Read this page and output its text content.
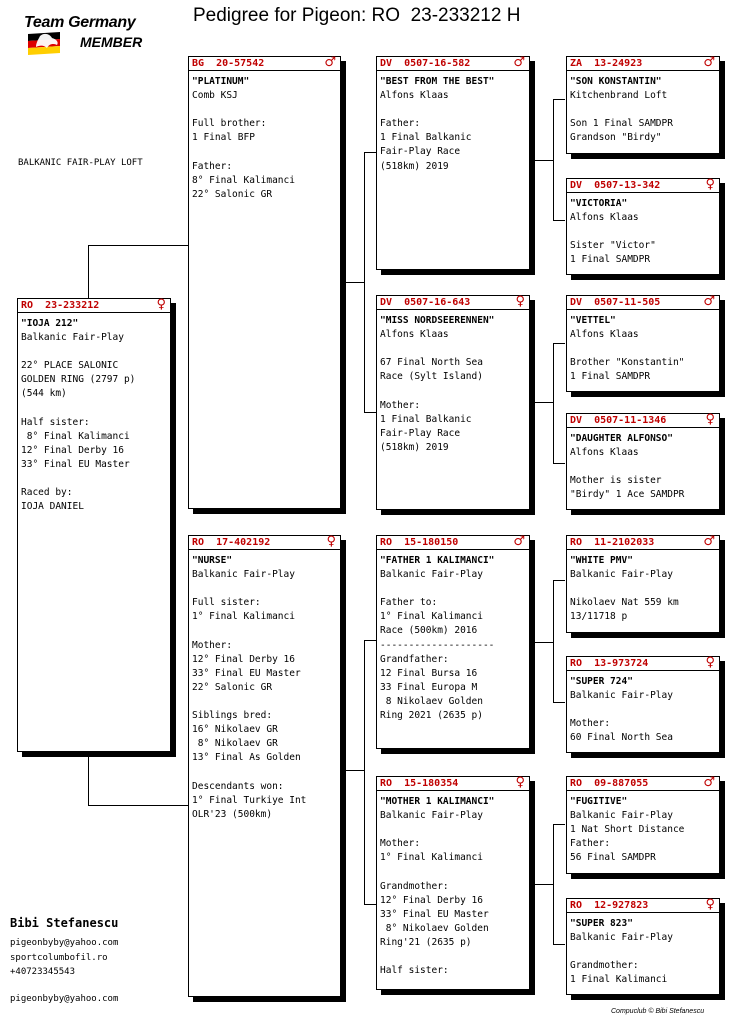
Team Germany
MEMBER
Pedigree for Pigeon: RO  23-233212 H
BALKANIC FAIR-PLAY LOFT
RO  23-233212	♀
"IOJA 212"
Balkanic Fair-Play

22° PLACE SALONIC
GOLDEN RING (2797 p)
(544 km)

Half sister:
8° Final Kalimanci
12° Final Derby 16
33° Final EU Master

Raced by:
IOJA DANIEL
BG  20-57542	♂
"PLATINUM"
Comb KSJ

Full brother:
1 Final BFP

Father:
8° Final Kalimanci
22° Salonic GR
RO  17-402192	♀
"NURSE"
Balkanic Fair-Play

Full sister:
1° Final Kalimanci

Mother:
12° Final Derby 16
33° Final EU Master
22° Salonic GR

Siblings bred:
16° Nikolaev GR
8° Nikolaev GR
13° Final As Golden

Descendants won:
1° Final Turkiye Int
OLR'23 (500km)
DV  0507-16-582	♂
"BEST FROM THE BEST"
Alfons Klaas

Father:
1 Final Balkanic
Fair-Play Race
(518km) 2019
DV  0507-16-643	♀
"MISS NORDSEERENNEN"
Alfons Klaas

67 Final North Sea
Race (Sylt Island)

Mother:
1 Final Balkanic
Fair-Play Race
(518km) 2019
RO  15-180150	♂
"FATHER 1 KALIMANCI"
Balkanic Fair-Play

Father to:
1° Final Kalimanci
Race (500km) 2016
--------------------
Grandfather:
12 Final Bursa 16
33 Final Europa M
8 Nikolaev Golden
Ring 2021 (2635 p)
RO  15-180354	♀
"MOTHER 1 KALIMANCI"
Balkanic Fair-Play

Mother:
1° Final Kalimanci

Grandmother:
12° Final Derby 16
33° Final EU Master
8° Nikolaev Golden
Ring'21 (2635 p)

Half sister:
ZA  13-24923	♂
"SON KONSTANTIN"
Kitchenbrand Loft

Son 1 Final SAMDPR
Grandson "Birdy"
DV  0507-13-342	♀
"VICTORIA"
Alfons Klaas

Sister "Victor"
1 Final SAMDPR
DV  0507-11-505	♂
"VETTEL"
Alfons Klaas

Brother "Konstantin"
1 Final SAMDPR
DV  0507-11-1346	♀
"DAUGHTER ALFONSO"
Alfons Klaas

Mother is sister
"Birdy" 1 Ace SAMDPR
RO  11-2102033	♂
"WHITE PMV"
Balkanic Fair-Play

Nikolaev Nat 559 km
13/11718 p
RO  13-973724	♀
"SUPER 724"
Balkanic Fair-Play

Mother:
60 Final North Sea
RO  09-887055	♂
"FUGITIVE"
Balkanic Fair-Play
1 Nat Short Distance
Father:
56 Final SAMDPR
RO  12-927823	♀
"SUPER 823"
Balkanic Fair-Play

Grandmother:
1 Final Kalimanci
Bibi Stefanescu
pigeonbyby@yahoo.com
sportcolumbofil.ro
+40723345543
pigeonbyby@yahoo.com
Compuclub © Bibi Stefanescu
